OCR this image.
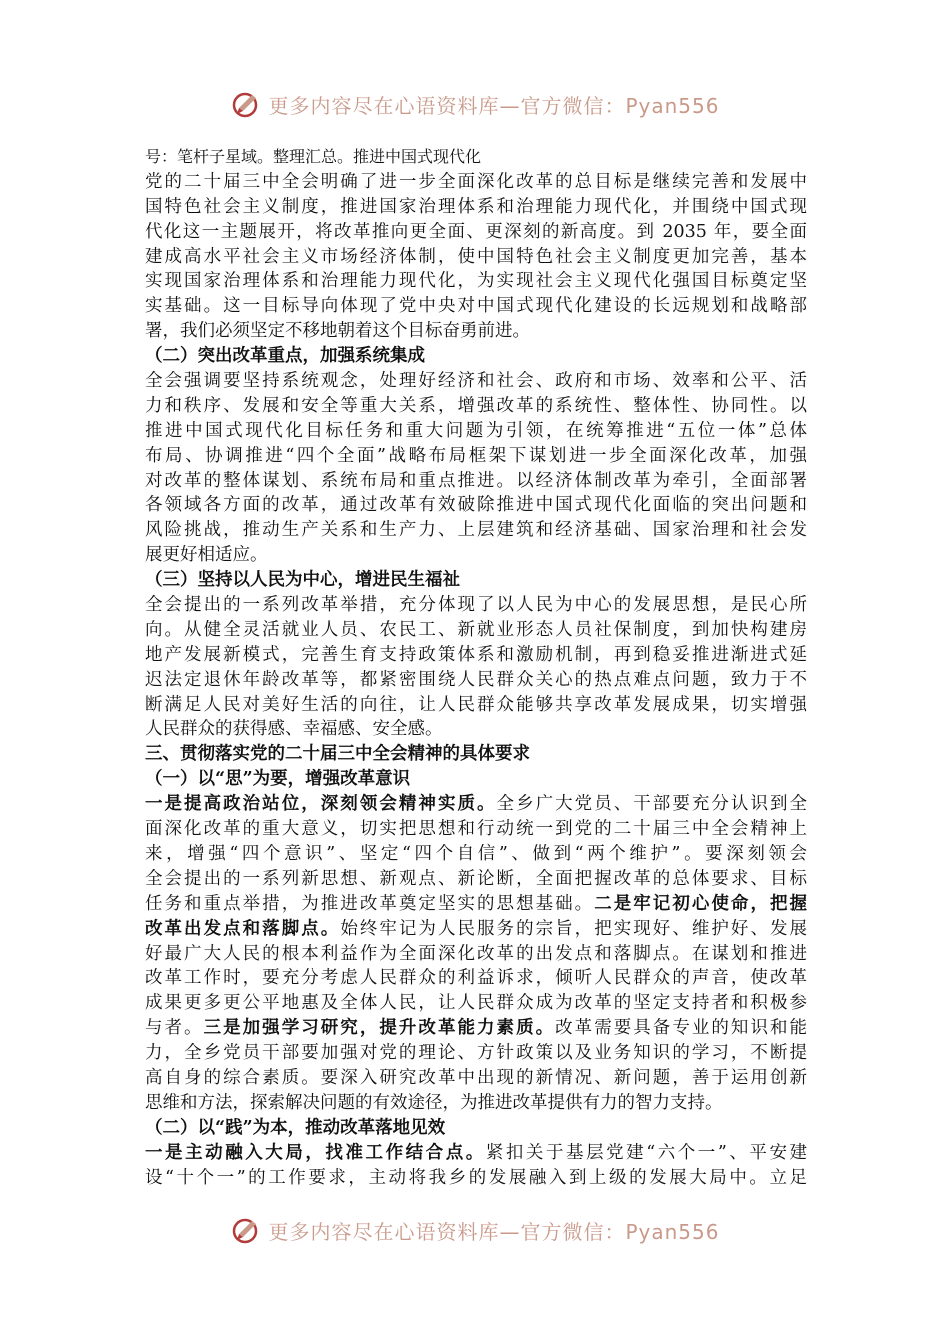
更多内容尽在心语资料库—官方微信：Pyan556
号：笔杆子星域。整理汇总。推进中国式现代化
党的二十届三中全会明确了进一步全面深化改革的总目标是继续完善和发展中
国特色社会主义制度，推进国家治理体系和治理能力现代化，并围绕中国式现
代化这一主题展开，将改革推向更全面、更深刻的新高度。到 2035 年，要全面
建成高水平社会主义市场经济体制，使中国特色社会主义制度更加完善，基本
实现国家治理体系和治理能力现代化，为实现社会主义现代化强国目标奠定坚
实基础。这一目标导向体现了党中央对中国式现代化建设的长远规划和战略部
署，我们必须坚定不移地朝着这个目标奋勇前进。
（二）突出改革重点，加强系统集成
全会强调要坚持系统观念，处理好经济和社会、政府和市场、效率和公平、活
力和秩序、发展和安全等重大关系，增强改革的系统性、整体性、协同性。以
推进中国式现代化目标任务和重大问题为引领，在统筹推进“五位一体”总体
布局、协调推进“四个全面”战略布局框架下谋划进一步全面深化改革，加强
对改革的整体谋划、系统布局和重点推进。以经济体制改革为牵引，全面部署
各领域各方面的改革，通过改革有效破除推进中国式现代化面临的突出问题和
风险挑战，推动生产关系和生产力、上层建筑和经济基础、国家治理和社会发
展更好相适应。
（三）坚持以人民为中心，增进民生福祉
全会提出的一系列改革举措，充分体现了以人民为中心的发展思想，是民心所
向。从健全灵活就业人员、农民工、新就业形态人员社保制度，到加快构建房
地产发展新模式，完善生育支持政策体系和激励机制，再到稳妥推进渐进式延
迟法定退休年龄改革等，都紧密围绕人民群众关心的热点难点问题，致力于不
断满足人民对美好生活的向往，让人民群众能够共享改革发展成果，切实增强
人民群众的获得感、幸福感、安全感。
三、贯彻落实党的二十届三中全会精神的具体要求
（一）以“思”为要，增强改革意识
一是提高政治站位，深刻领会精神实质。全乡广大党员、干部要充分认识到全
面深化改革的重大意义，切实把思想和行动统一到党的二十届三中全会精神上
来，增强“四个意识”、坚定“四个自信”、做到“两个维护”。要深刻领会
全会提出的一系列新思想、新观点、新论断，全面把握改革的总体要求、目标
任务和重点举措，为推进改革奠定坚实的思想基础。二是牢记初心使命，把握
改革出发点和落脚点。始终牢记为人民服务的宗旨，把实现好、维护好、发展
好最广大人民的根本利益作为全面深化改革的出发点和落脚点。在谋划和推进
改革工作时，要充分考虑人民群众的利益诉求，倾听人民群众的声音，使改革
成果更多更公平地惠及全体人民，让人民群众成为改革的坚定支持者和积极参
与者。三是加强学习研究，提升改革能力素质。改革需要具备专业的知识和能
力，全乡党员干部要加强对党的理论、方针政策以及业务知识的学习，不断提
高自身的综合素质。要深入研究改革中出现的新情况、新问题，善于运用创新
思维和方法，探索解决问题的有效途径，为推进改革提供有力的智力支持。
（二）以“践”为本，推动改革落地见效
一是主动融入大局，找准工作结合点。紧扣关于基层党建“六个一”、平安建
设“十个一”的工作要求，主动将我乡的发展融入到上级的发展大局中。立足
更多内容尽在心语资料库—官方微信：Pyan556
